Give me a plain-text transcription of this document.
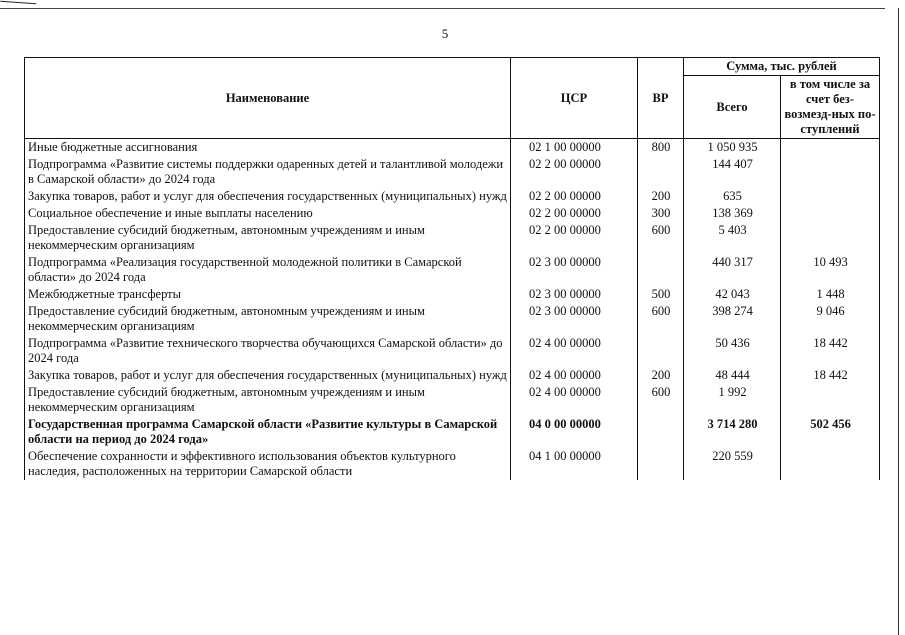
5
Наименование	ЦСР	ВР	Сумма, тыс. рублей	
			Всего	в том числе за счет без-возмезд-ных по-ступлений
Иные бюджетные ассигнования	02 1 00 00000	800	1 050 935	
Подпрограмма «Развитие системы поддержки одаренных детей и талантливой молодежи в Самарской области» до 2024 года	02 2 00 00000		144 407	
Закупка товаров, работ и услуг для обеспечения государственных (муниципальных) нужд	02 2 00 00000	200	635	
Социальное обеспечение и иные выплаты населению	02 2 00 00000	300	138 369	
Предоставление субсидий бюджетным, автономным учреждениям и иным некоммерческим организациям	02 2 00 00000	600	5 403	
Подпрограмма «Реализация государственной молодежной политики в Самарской области» до 2024 года	02 3 00 00000		440 317	10 493
Межбюджетные трансферты	02 3 00 00000	500	42 043	1 448
Предоставление субсидий бюджетным, автономным учреждениям и иным некоммерческим организациям	02 3 00 00000	600	398 274	9 046
Подпрограмма «Развитие технического творчества обучающихся Самарской области» до 2024 года	02 4 00 00000		50 436	18 442
Закупка товаров, работ и услуг для обеспечения государственных (муниципальных) нужд	02 4 00 00000	200	48 444	18 442
Предоставление субсидий бюджетным, автономным учреждениям и иным некоммерческим организациям	02 4 00 00000	600	1 992	
Государственная программа Самарской области «Развитие культуры в Самарской области на период до 2024 года»	04 0 00 00000		3 714 280	502 456
Обеспечение сохранности и эффективного использования объектов культурного наследия, расположенных на территории Самарской области	04 1 00 00000		220 559	
